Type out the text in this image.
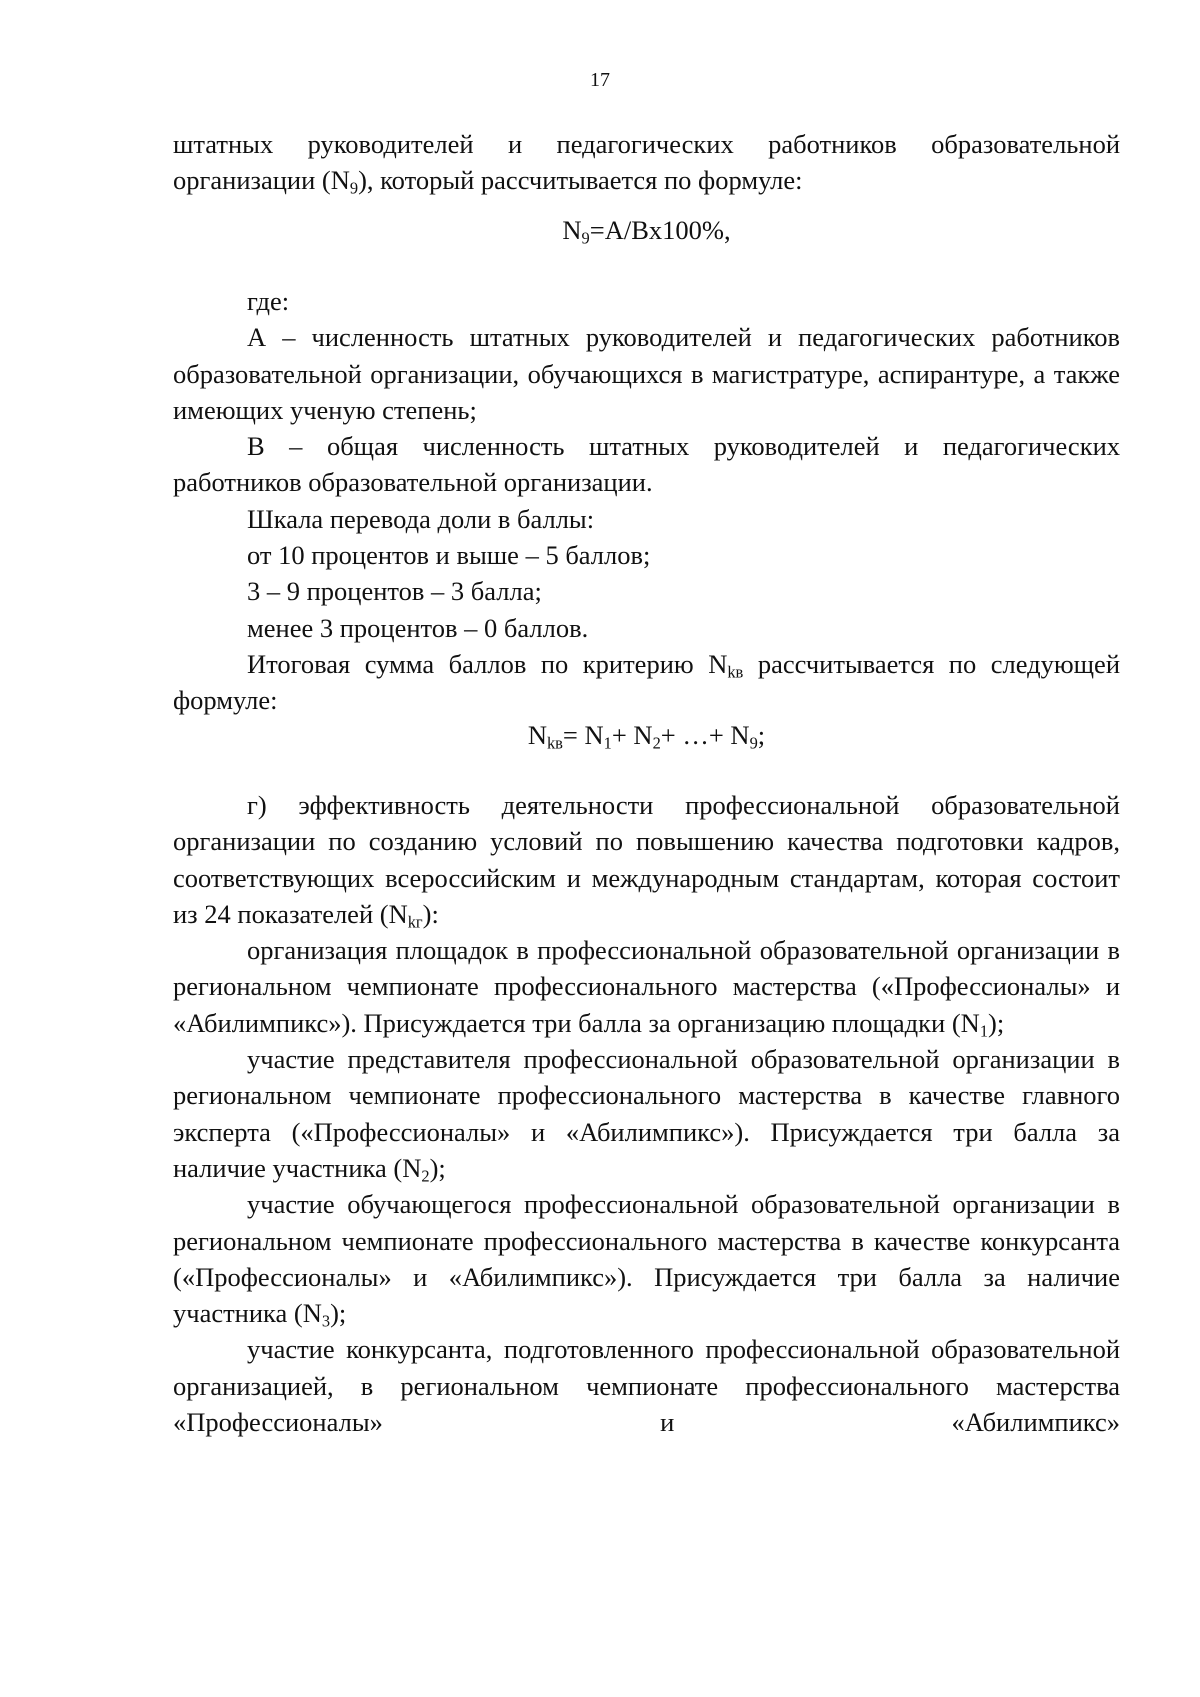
17

штатных руководителей и педагогических работников образовательной организации $(N_9)$, который рассчитывается по формуле:

$N_9=A/Bx100\%$,

где:

А – численность штатных руководителей и педагогических работников образовательной организации, обучающихся в магистратуре, аспирантуре, а также имеющих ученую степень;

В – общая численность штатных руководителей и педагогических работников образовательной организации.

Шкала перевода доли в баллы:

от 10 процентов и выше – 5 баллов;

3 – 9 процентов – 3 балла;

менее 3 процентов – 0 баллов.

Итоговая сумма баллов по критерию $N_{kв}$ рассчитывается по следующей формуле:

$N_{kв}= N_1+ N_2+$ …+ $N_9$;

г) эффективность деятельности профессиональной образовательной организации по созданию условий по повышению качества подготовки кадров, соответствующих всероссийским и международным стандартам, которая состоит из 24 показателей $(N_{kг})$:

организация площадок в профессиональной образовательной организации в региональном чемпионате профессионального мастерства («Профессионалы» и «Абилимпикс»). Присуждается три балла за организацию площадки $(N_1)$;

участие представителя профессиональной образовательной организации в региональном чемпионате профессионального мастерства в качестве главного эксперта («Профессионалы» и «Абилимпикс»). Присуждается три балла за наличие участника $(N_2)$;

участие обучающегося профессиональной образовательной организации в региональном чемпионате профессионального мастерства в качестве конкурсанта («Профессионалы» и «Абилимпикс»). Присуждается три балла за наличие участника $(N_3)$;

участие конкурсанта, подготовленного профессиональной образовательной организацией, в региональном чемпионате профессионального мастерства «Профессионалы» и «Абилимпикс»
